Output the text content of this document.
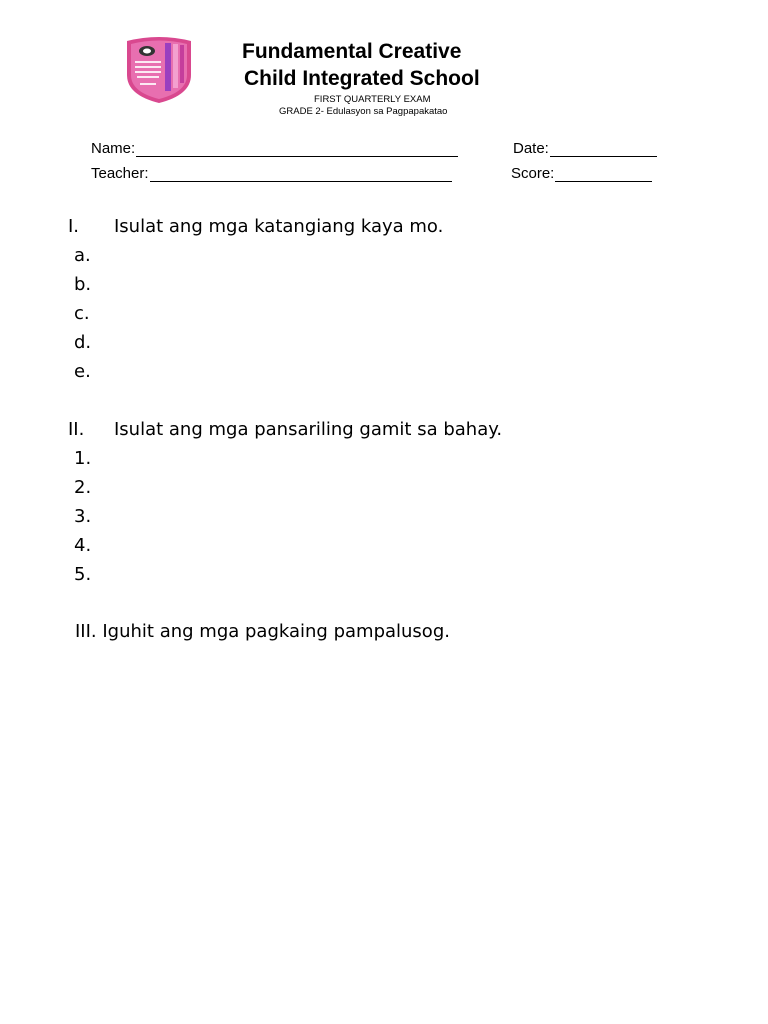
Fundamental Creative
Child Integrated School
FIRST QUARTERLY EXAM
GRADE 2- Edulasyon sa Pagpapakatao
Name:
Teacher:
Date:
Score:
I. Isulat ang mga katangiang kaya mo.
a.
b.
c.
d.
e.
II. Isulat ang mga pansariling gamit sa bahay.
1.
2.
3.
4.
5.
III. Iguhit ang mga pagkaing pampalusog.
